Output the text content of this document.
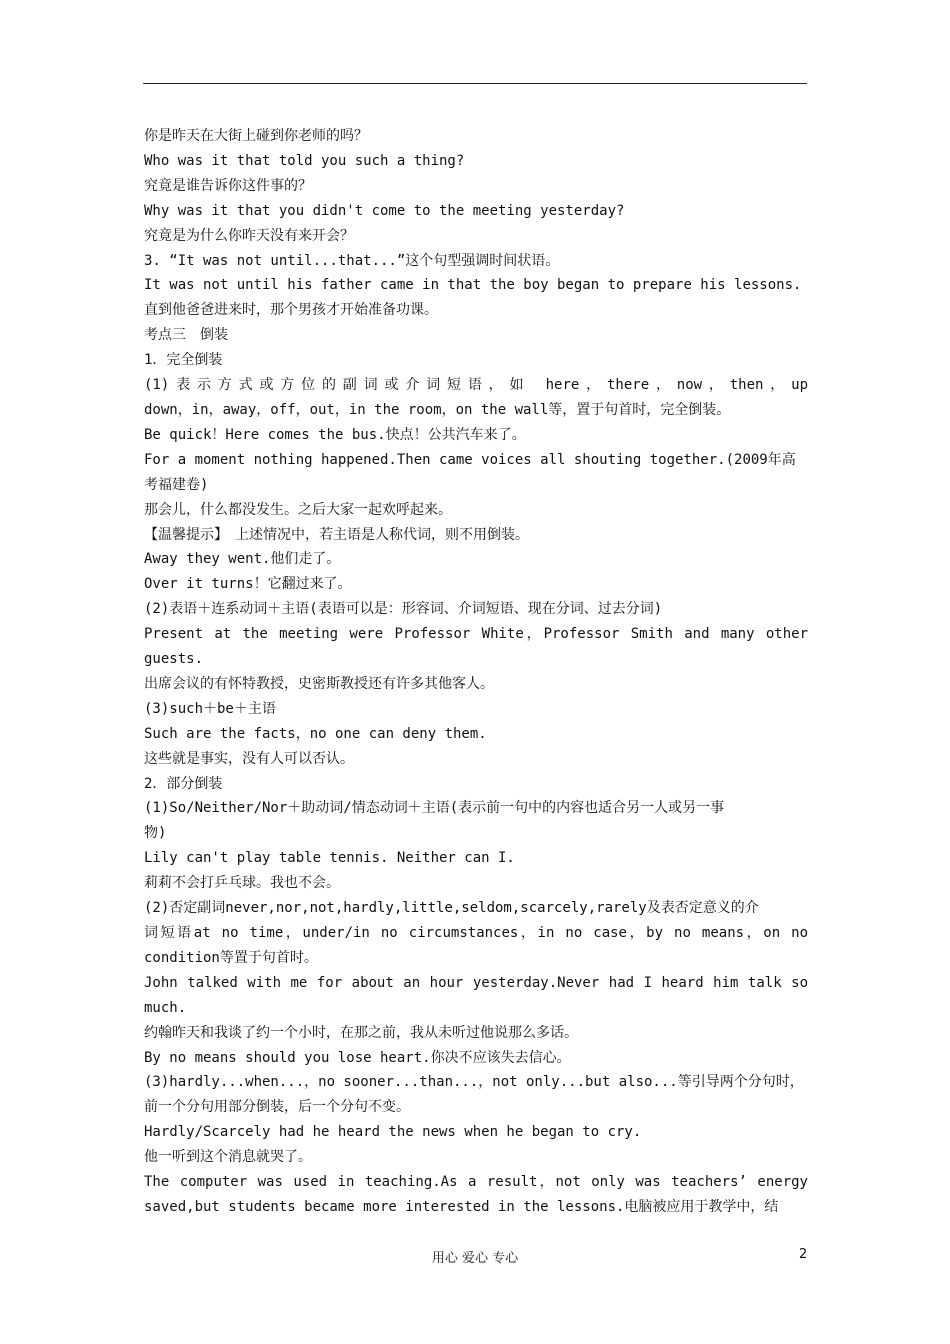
你是昨天在大街上碰到你老师的吗？
Who was it that told you such a thing?
究竟是谁告诉你这件事的？
Why was it that you didn't come to the meeting yesterday?
究竟是为什么你昨天没有来开会？
3. “It was not until...that...”这个句型强调时间状语。
It was not until his father came in that the boy began to prepare his lessons.
直到他爸爸进来时，那个男孩才开始准备功课。
考点三　倒装
1．完全倒装
(1)表示方式或方位的副词或介词短语，如 here，there，now，then，up
down，in，away，off，out，in the room，on the wall等，置于句首时，完全倒装。
Be quick！Here comes the bus.快点！公共汽车来了。
For a moment nothing happened.Then came voices all shouting together.(2009年高
考福建卷)
那会儿，什么都没发生。之后大家一起欢呼起来。
【温馨提示】　上述情况中，若主语是人称代词，则不用倒装。
Away they went.他们走了。
Over it turns！它翻过来了。
(2)表语＋连系动词＋主语(表语可以是：形容词、介词短语、现在分词、过去分词)
Present at the meeting were Professor White，Professor Smith and many other
guests.
出席会议的有怀特教授，史密斯教授还有许多其他客人。
(3)such＋be＋主语
Such are the facts，no one can deny them.
这些就是事实，没有人可以否认。
2．部分倒装
(1)So/Neither/Nor＋助动词/情态动词＋主语(表示前一句中的内容也适合另一人或另一事
物)
Lily can't play table tennis. Neither can I.
莉莉不会打乒乓球。我也不会。
(2)否定副词never,nor,not,hardly,little,seldom,scarcely,rarely及表否定意义的介
词短语at no time，under/in no circumstances，in no case，by no means，on no
condition等置于句首时。
John talked with me for about an hour yesterday.Never had I heard him talk so
much.
约翰昨天和我谈了约一个小时，在那之前，我从未听过他说那么多话。
By no means should you lose heart.你决不应该失去信心。
(3)hardly...when...，no sooner...than...，not only...but also...等引导两个分句时，
前一个分句用部分倒装，后一个分句不变。
Hardly/Scarcely had he heard the news when he began to cry.
他一听到这个消息就哭了。
The computer was used in teaching.As a result，not only was teachers’ energy
saved,but students became more interested in the lessons.电脑被应用于教学中，结
用心 爱心 专心	2
